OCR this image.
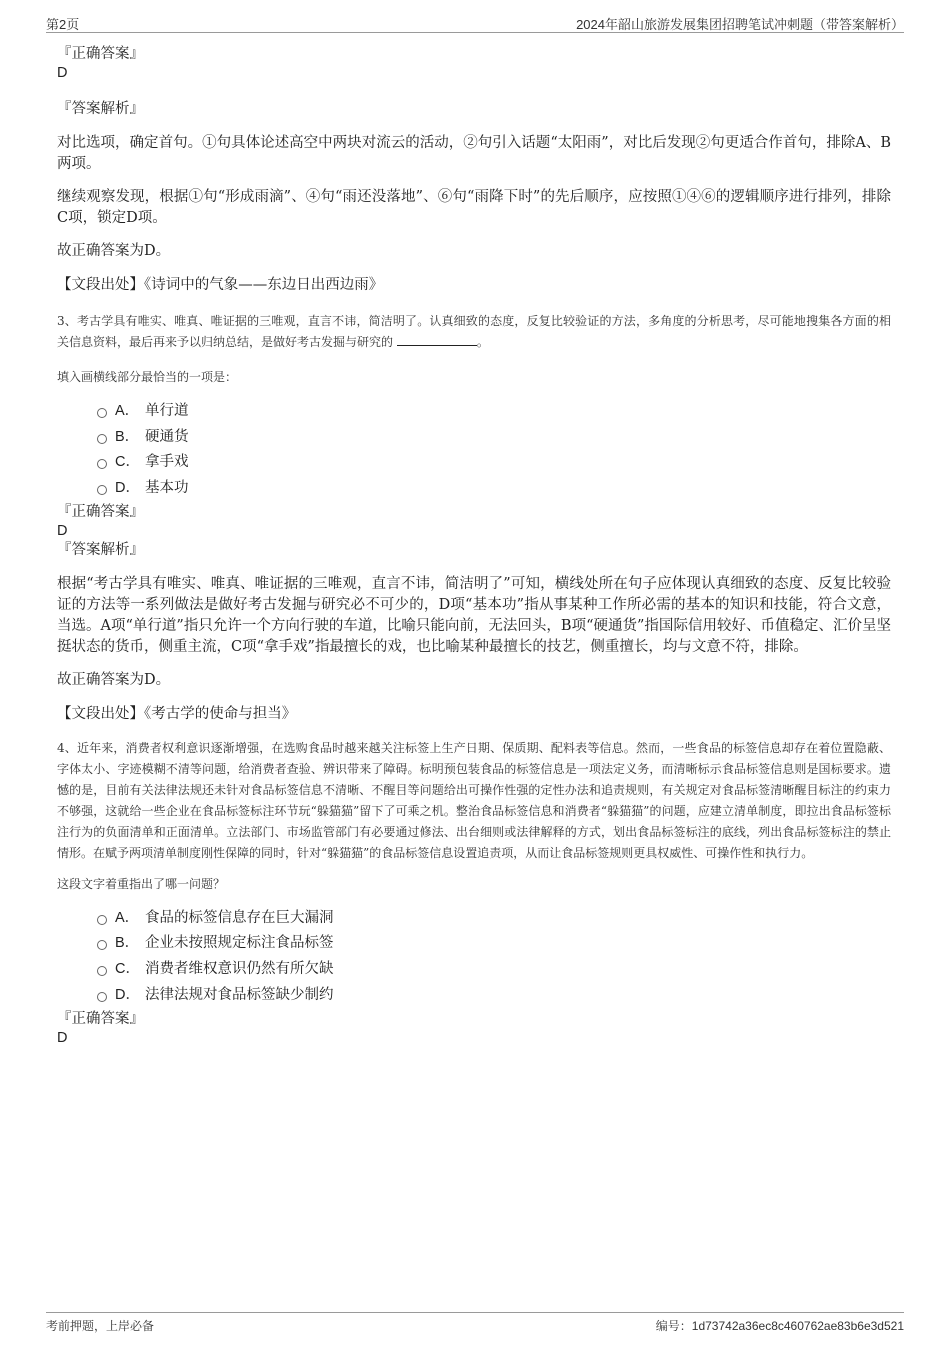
第2页	2024年韶山旅游发展集团招聘笔试冲刺题（带答案解析）

『正确答案』

D

『答案解析』

对比选项，确定首句。①句具体论述高空中两块对流云的活动，②句引入话题“太阳雨”，对比后发现②句更适合作首句，排除A、B两项。

继续观察发现，根据①句“形成雨滴”、④句“雨还没落地”、⑥句“雨降下时”的先后顺序，应按照①④⑥的逻辑顺序进行排列，排除C项，锁定D项。

故正确答案为D。

【文段出处】《诗词中的气象——东边日出西边雨》

3、考古学具有唯实、唯真、唯证据的三唯观，直言不讳，简洁明了。认真细致的态度，反复比较验证的方法，多角度的分析思考，尽可能地搜集各方面的相关信息资料，最后再来予以归纳总结，是做好考古发掘与研究的	。

填入画横线部分最恰当的一项是：

A． 单行道
B． 硬通货
C． 拿手戏
D． 基本功

『正确答案』

D

『答案解析』

根据“考古学具有唯实、唯真、唯证据的三唯观，直言不讳，简洁明了”可知，横线处所在句子应体现认真细致的态度、反复比较验证的方法等一系列做法是做好考古发掘与研究必不可少的，D项“基本功”指从事某种工作所必需的基本的知识和技能，符合文意，当选。A项“单行道”指只允许一个方向行驶的车道，比喻只能向前，无法回头，B项“硬通货”指国际信用较好、币值稳定、汇价呈坚挺状态的货币，侧重主流，C项“拿手戏”指最擅长的戏，也比喻某种最擅长的技艺，侧重擅长，均与文意不符，排除。

故正确答案为D。

【文段出处】《考古学的使命与担当》

4、近年来，消费者权利意识逐渐增强，在选购食品时越来越关注标签上生产日期、保质期、配料表等信息。然而，一些食品的标签信息却存在着位置隐蔽、字体太小、字迹模糊不清等问题，给消费者查验、辨识带来了障碍。标明预包装食品的标签信息是一项法定义务，而清晰标示食品标签信息则是国标要求。遗憾的是，目前有关法律法规还未针对食品标签信息不清晰、不醒目等问题给出可操作性强的定性办法和追责规则，有关规定对食品标签清晰醒目标注的约束力不够强，这就给一些企业在食品标签标注环节玩“躲猫猫”留下了可乘之机。整治食品标签信息和消费者“躲猫猫”的问题，应建立清单制度，即拉出食品标签标注行为的负面清单和正面清单。立法部门、市场监管部门有必要通过修法、出台细则或法律解释的方式，划出食品标签标注的底线，列出食品标签标注的禁止情形。在赋予两项清单制度刚性保障的同时，针对“躲猫猫”的食品标签信息设置追责项，从而让食品标签规则更具权威性、可操作性和执行力。

这段文字着重指出了哪一问题？

A． 食品的标签信息存在巨大漏洞
B． 企业未按照规定标注食品标签
C． 消费者维权意识仍然有所欠缺
D． 法律法规对食品标签缺少制约

『正确答案』

D

考前押题，上岸必备	编号：1d73742a36ec8c460762ae83b6e3d521
